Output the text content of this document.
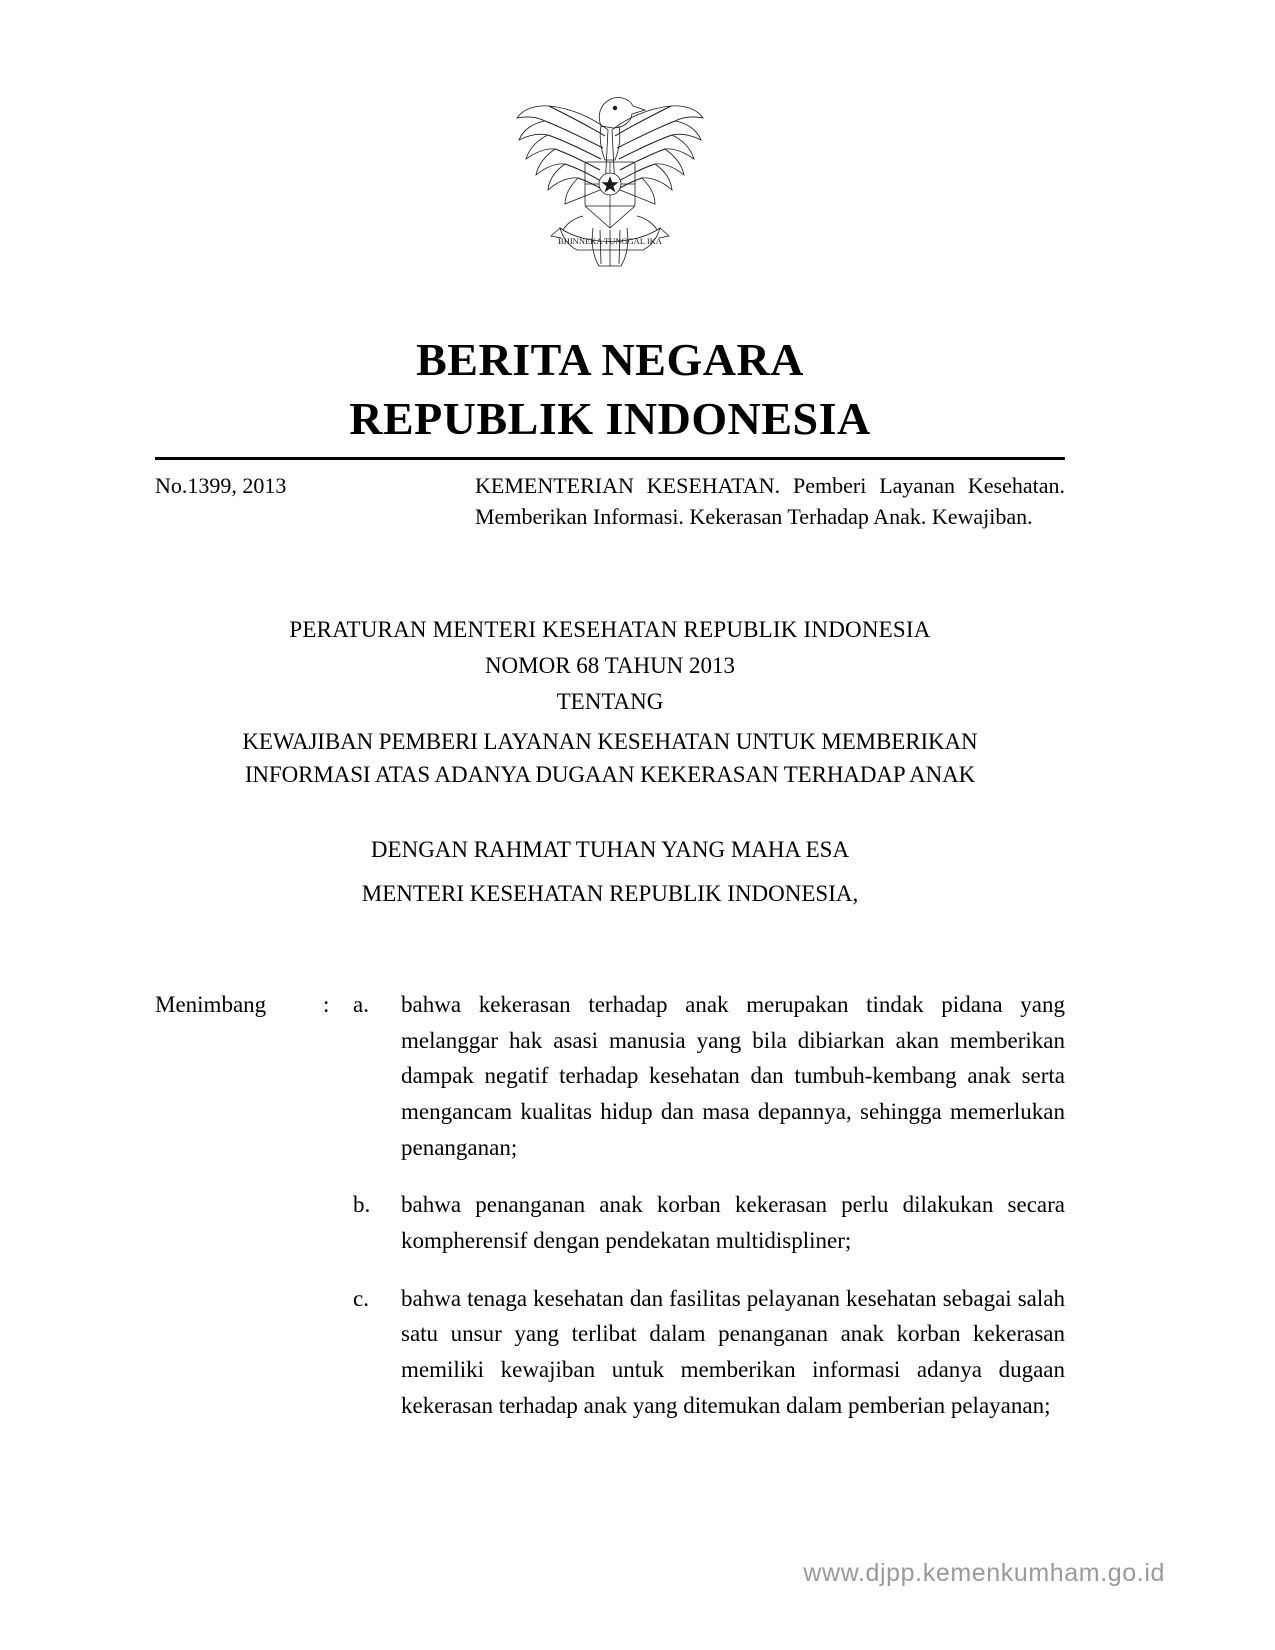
BHINNEKA TUNGGAL IKA
BERITA NEGARA
REPUBLIK INDONESIA
No.1399, 2013	KEMENTERIAN KESEHATAN. Pemberi Layanan Kesehatan. Memberikan Informasi. Kekerasan Terhadap Anak. Kewajiban.
PERATURAN MENTERI KESEHATAN REPUBLIK INDONESIA
NOMOR 68 TAHUN 2013
TENTANG
KEWAJIBAN PEMBERI LAYANAN KESEHATAN UNTUK MEMBERIKAN
INFORMASI ATAS ADANYA DUGAAN KEKERASAN TERHADAP ANAK
DENGAN RAHMAT TUHAN YANG MAHA ESA
MENTERI KESEHATAN REPUBLIK INDONESIA,
Menimbang	:	a.	bahwa kekerasan terhadap anak merupakan tindak pidana yang melanggar hak asasi manusia yang bila dibiarkan akan memberikan dampak negatif terhadap kesehatan dan tumbuh-kembang anak serta mengancam kualitas hidup dan masa depannya, sehingga memerlukan penanganan;
b.	bahwa penanganan anak korban kekerasan perlu dilakukan secara kompherensif dengan pendekatan multidispliner;
c.	bahwa tenaga kesehatan dan fasilitas pelayanan kesehatan sebagai salah satu unsur yang terlibat dalam penanganan anak korban kekerasan memiliki kewajiban untuk memberikan informasi adanya dugaan kekerasan terhadap anak yang ditemukan dalam pemberian pelayanan;
www.djpp.kemenkumham.go.id
